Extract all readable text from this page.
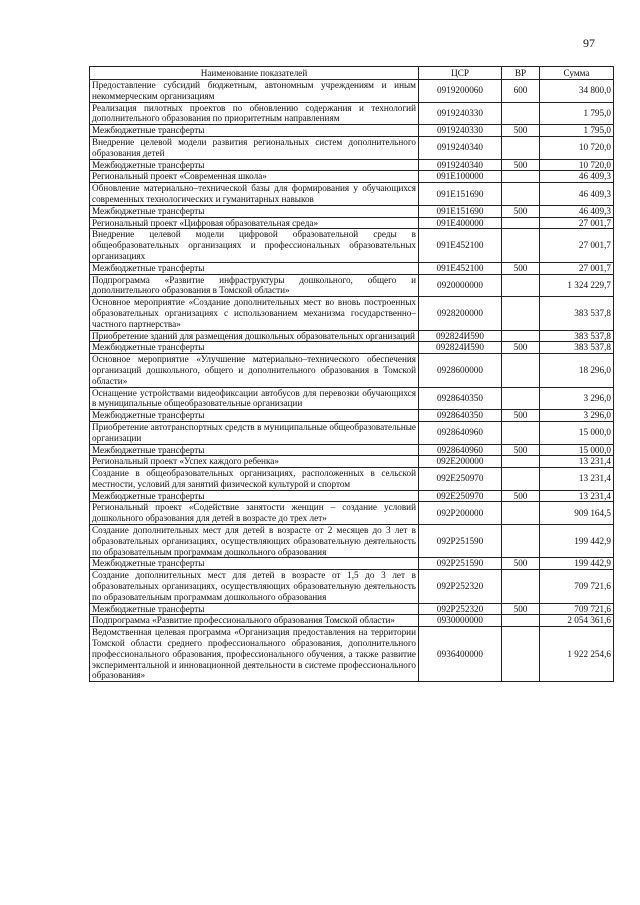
97
Наименование показателей	ЦСР	ВР	Сумма
Предоставление субсидий бюджетным, автономным учреждениям и иным некоммерческим организациям	0919200060	600	34 800,0
Реализация пилотных проектов по обновлению содержания и технологий дополнительного образования по приоритетным направлениям	0919240330		1 795,0
Межбюджетные трансферты	0919240330	500	1 795,0
Внедрение целевой модели развития региональных систем дополнительного образования детей	0919240340		10 720,0
Межбюджетные трансферты	0919240340	500	10 720,0
Региональный проект «Современная школа»	091E100000		46 409,3
Обновление материально–технической базы для формирования у обучающихся современных технологических и гуманитарных навыков	091E151690		46 409,3
Межбюджетные трансферты	091E151690	500	46 409,3
Региональный проект «Цифровая образовательная среда»	091E400000		27 001,7
Внедрение целевой модели цифровой образовательной среды в общеобразовательных организациях и профессиональных образовательных организациях	091E452100		27 001,7
Межбюджетные трансферты	091E452100	500	27 001,7
Подпрограмма «Развитие инфраструктуры дошкольного, общего и дополнительного образования в Томской области»	0920000000		1 324 229,7
Основное мероприятие «Создание дополнительных мест во вновь построенных образовательных организациях с использованием механизма государственно–частного партнерства»	0928200000		383 537,8
Приобретение зданий для размещения дошкольных образовательных организаций	092824И590		383 537,8
Межбюджетные трансферты	092824И590	500	383 537,8
Основное мероприятие «Улучшение материально–технического обеспечения организаций дошкольного, общего и дополнительного образования в Томской области»	0928600000		18 296,0
Оснащение устройствами видеофиксации автобусов для перевозки обучающихся в муниципальные общеобразовательные организации	0928640350		3 296,0
Межбюджетные трансферты	0928640350	500	3 296,0
Приобретение автотранспортных средств в муниципальные общеобразовательные организации	0928640960		15 000,0
Межбюджетные трансферты	0928640960	500	15 000,0
Региональный проект «Успех каждого ребенка»	092E200000		13 231,4
Создание в общеобразовательных организациях, расположенных в сельской местности, условий для занятий физической культурой и спортом	092E250970		13 231,4
Межбюджетные трансферты	092E250970	500	13 231,4
Региональный проект «Содействие занятости женщин – создание условий дошкольного образования для детей в возрасте до трех лет»	092P200000		909 164,5
Создание дополнительных мест для детей в возрасте от 2 месяцев до 3 лет в образовательных организациях, осуществляющих образовательную деятельность по образовательным программам дошкольного образования	092P251590		199 442,9
Межбюджетные трансферты	092P251590	500	199 442,9
Создание дополнительных мест для детей в возрасте от 1,5 до 3 лет в образовательных организациях, осуществляющих образовательную деятельность по образовательным программам дошкольного образования	092P252320		709 721,6
Межбюджетные трансферты	092P252320	500	709 721,6
Подпрограмма «Развитие профессионального образования Томской области»	0930000000		2 054 361,6
Ведомственная целевая программа «Организация предоставления на территории Томской области среднего профессионального образования, дополнительного профессионального образования, профессионального обучения, а также развитие экспериментальной и инновационной деятельности в системе профессионального образования»	0936400000		1 922 254,6
